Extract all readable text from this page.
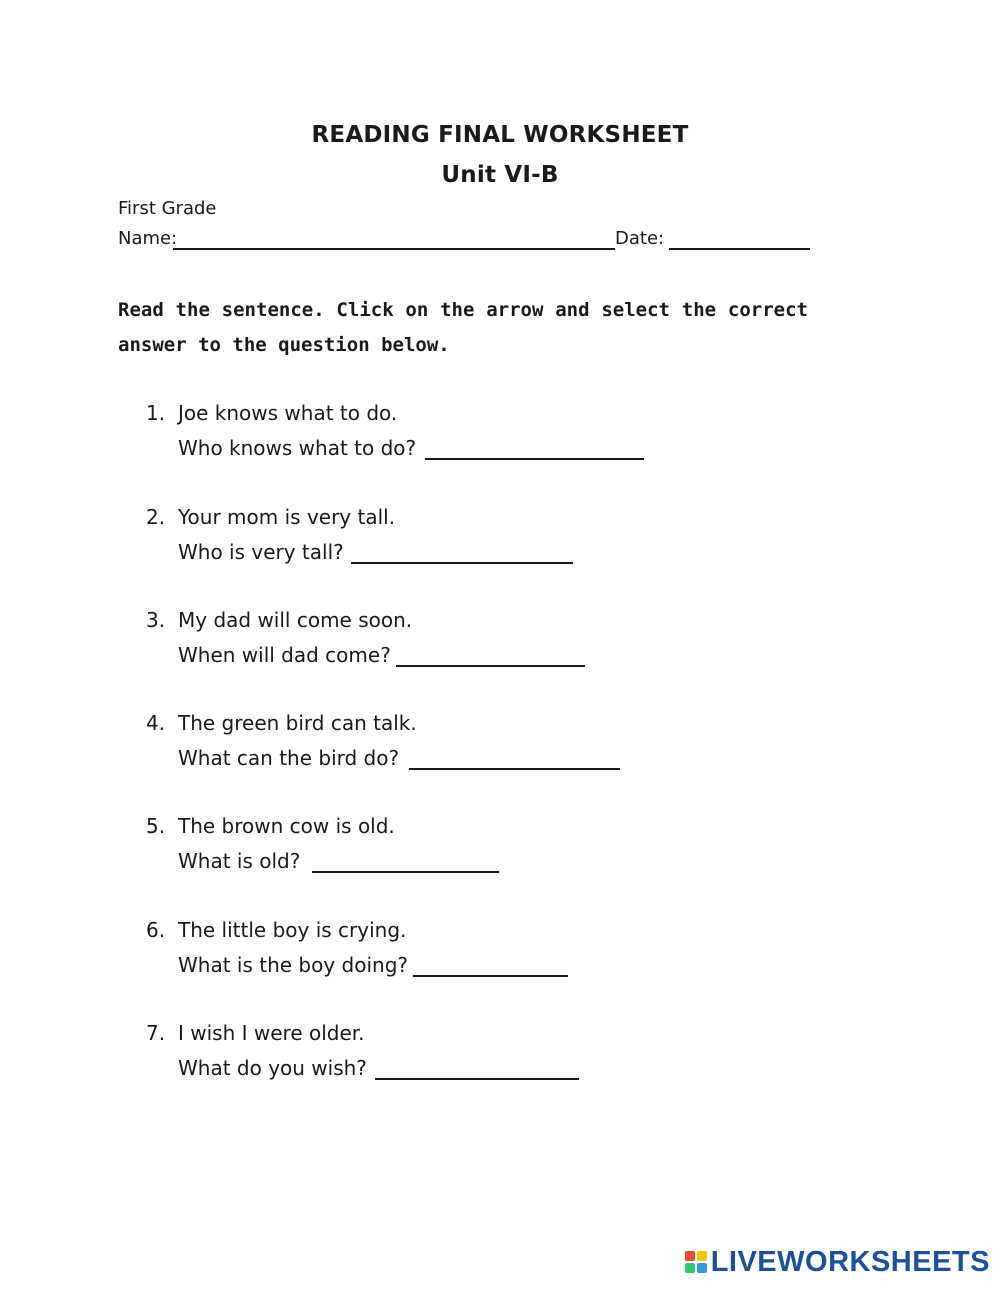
READING FINAL WORKSHEET
Unit VI-B
First Grade
Name:	Date:
Read the sentence. Click on the arrow and select the correct answer to the question below.
1. Joe knows what to do.
Who knows what to do?
2. Your mom is very tall.
Who is very tall?
3. My dad will come soon.
When will dad come?
4. The green bird can talk.
What can the bird do?
5. The brown cow is old.
What is old?
6. The little boy is crying.
What is the boy doing?
7. I wish I were older.
What do you wish?
LIVEWORKSHEETS
